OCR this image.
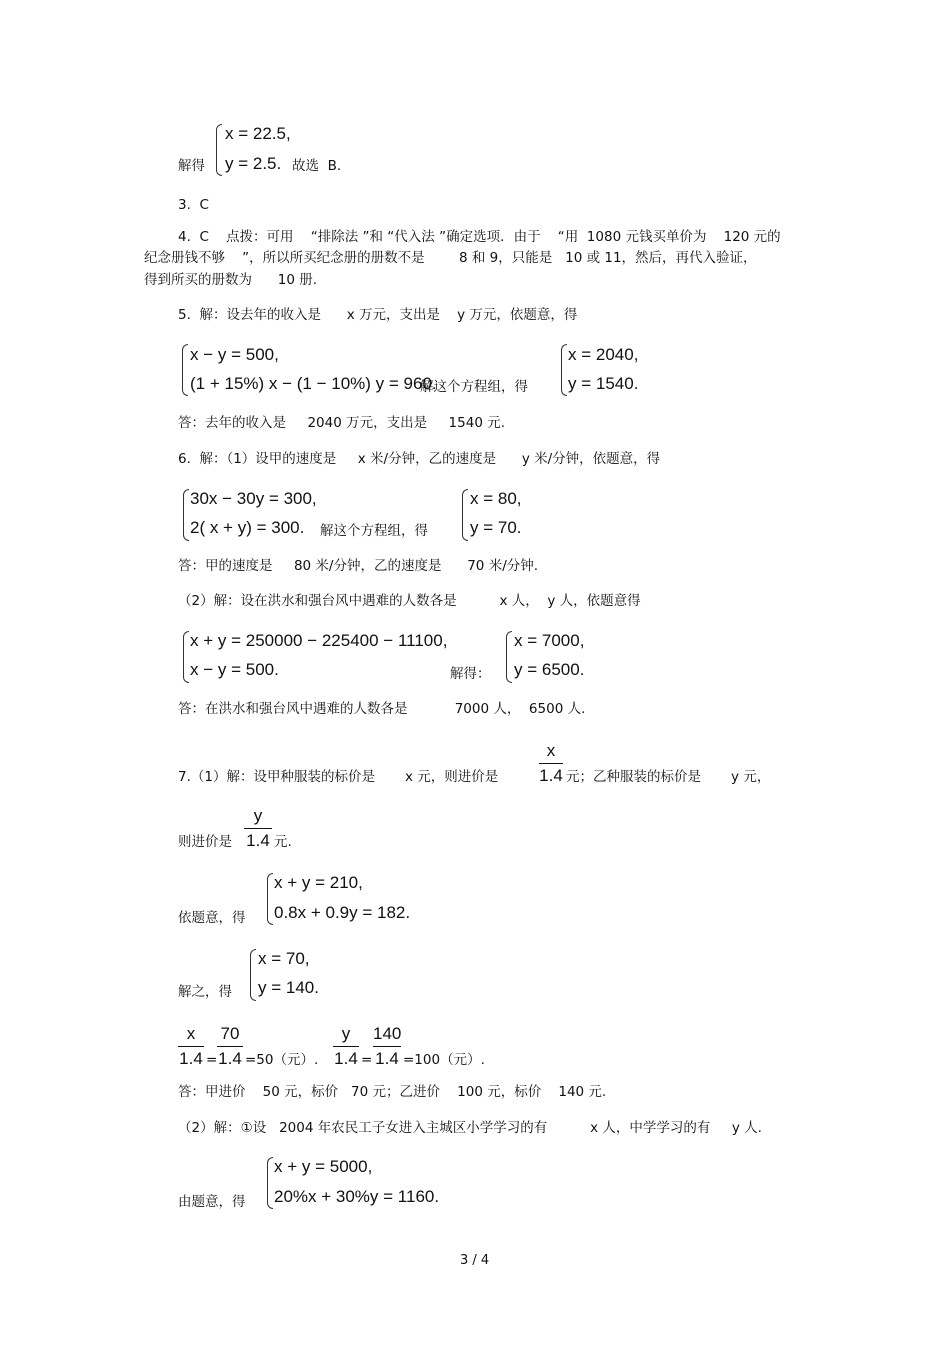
x = 22.5,
y = 2.5.
解得	故选  B.
3.  C
4.  C    点拨：可用    “排除法 ”和 “代入法 ”确定选项．由于    “用  1080 元钱买单价为    120 元的
纪念册钱不够    ”，所以所买纪念册的册数不是        8 和 9，只能是   10 或 11，然后，再代入验证，
得到所买的册数为      10 册.
5.  解：设去年的收入是      x 万元，支出是    y 万元，依题意，得
x − y = 500,
(1 + 15%) x − (1 − 10%) y = 960.
解这个方程组，得
x = 2040,
y = 1540.
答：去年的收入是     2040 万元，支出是     1540 元.
6.  解：（1）设甲的速度是     x 米/分钟，乙的速度是      y 米/分钟，依题意，得
30x − 30y = 300,
2( x + y) = 300. 解这个方程组，得
x = 80,
y = 70.
答：甲的速度是     80 米/分钟，乙的速度是      70 米/分钟.
（2）解：设在洪水和强台风中遇难的人数各是          x 人，  y 人，依题意得
x + y = 250000 − 225400 − 11100,
x − y = 500.	解得：
x = 7000,
y = 6500.
答：在洪水和强台风中遇难的人数各是           7000 人，  6500 人.
7.（1）解：设甲种服装的标价是       x 元，则进价是
x
1.4 元；乙种服装的标价是       y 元，
则进价是
y
1.4 元.
依题意，得
x + y = 210,
0.8x + 0.9y = 182.
解之，得
x = 70,
y = 140.
x
1.4 =
70
1.4 =50（元）.
y
1.4 =
140
1.4 =100（元）.
答：甲进价    50 元，标价   70 元；乙进价    100 元，标价    140 元.
（2）解：①设   2004 年农民工子女进入主城区小学学习的有          x 人，中学学习的有     y 人.
由题意，得
x + y = 5000,
20%x + 30%y = 1160.
3 / 4
